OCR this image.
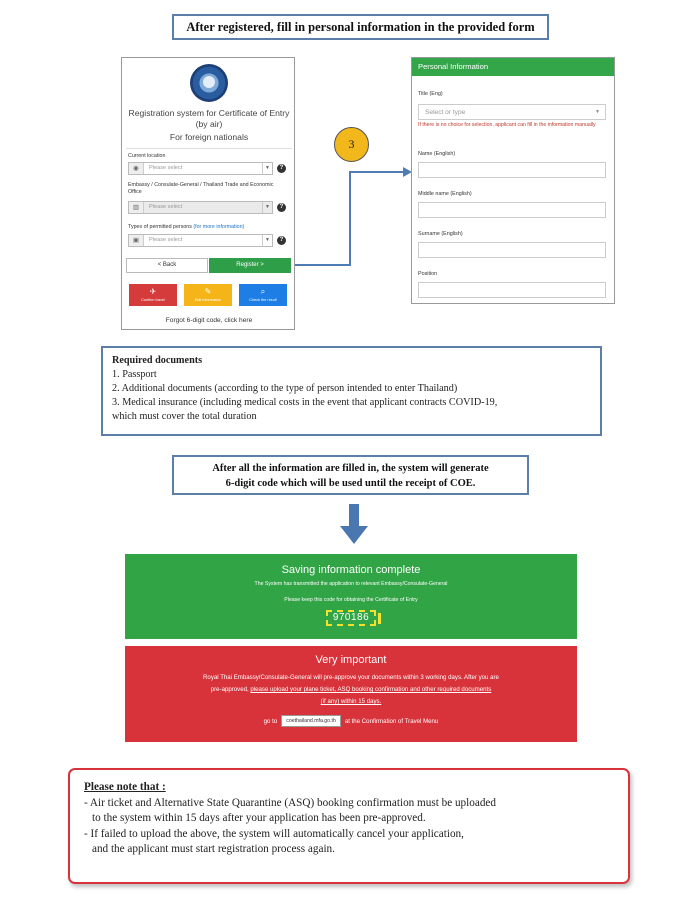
After registered, fill in personal information in the provided form
Registration system for Certificate of Entry (by air)
For foreign nationals
Current location
◉	Please select	▼	?
Embassy / Consulate-General / Thailand Trade and Economic Office
▥	Please select	▼	?
Types of permitted persons (for more information)
▣	Please select	▼	?
< Back	Register >
✈
Confirm travel
✎
Edit information
⌕
Check the result
Forgot 6-digit code, click here
3
Personal Information
Title (Eng)
Select or type	▼
If there is no choice for selection, applicant can fill in the information manually
Name (English)
Middle name (English)
Surname (English)
Position
Required documents
1. Passport
2. Additional documents (according to the type of person intended to enter Thailand)
3. Medical insurance (including medical costs in the event that applicant contracts COVID-19,
which must cover the total duration
After all the information are filled in, the system will generate
6-digit code which will be used until the receipt of COE.
Saving information complete
The System has transmitted the application to relevant Embassy/Consulate-General
Please keep this code for obtaining the Certificate of Entry
970186
Very important
Royal Thai Embassy/Consulate-General will pre-approve your documents within 3 working days. After you are
pre-approved, please upload your plane ticket, ASQ booking confirmation and other required documents
(if any) within 15 days.
go to	coethailand.mfa.go.th	at the Confirmation of Travel Menu
Please note that :
- Air ticket and Alternative State Quarantine (ASQ) booking confirmation must be uploaded
to the system within 15 days after your application has been pre-approved.
- If failed to upload the above, the system will automatically cancel your application,
and the applicant must start registration process again.
